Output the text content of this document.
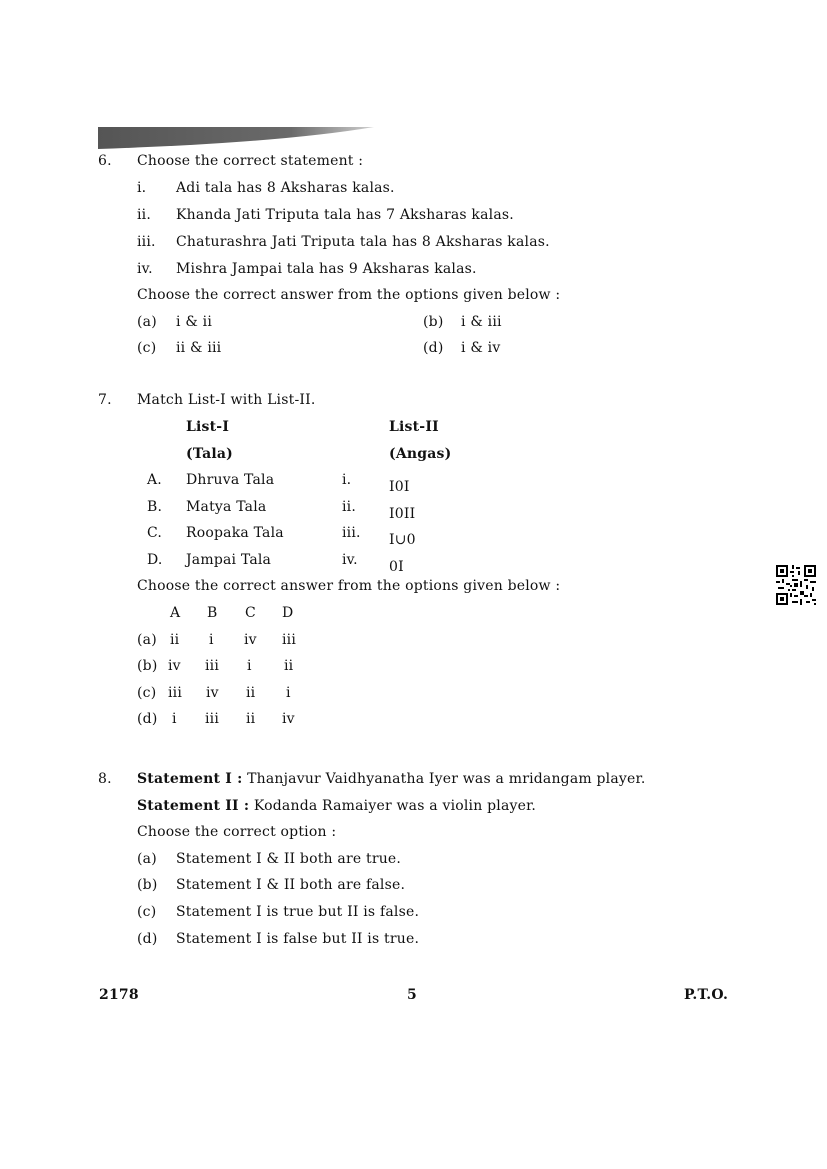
6. Choose the correct statement :
i. Adi tala has 8 Aksharas kalas.
ii. Khanda Jati Triputa tala has 7 Aksharas kalas.
iii. Chaturashra Jati Triputa tala has 8 Aksharas kalas.
iv. Mishra Jampai tala has 9 Aksharas kalas.
Choose the correct answer from the options given below :
(a) i & ii	(b) i & iii
(c) ii & iii	(d) i & iv
7. Match List-I with List-II.
List-I
(Tala)
List-II
(Angas)
A. Dhruva Tala	i.	I0I
B. Matya Tala	ii. I0II
C. Roopaka Tala	iii. I∪0
D. Jampai Tala	iv. 0I
Choose the correct answer from the options given below :
A B C D
(a) ii i iv iii
(b) iv iii i ii
(c) iii iv ii i
(d) i iii ii iv
8. Statement I : Thanjavur Vaidhyanatha Iyer was a mridangam player.
Statement II : Kodanda Ramaiyer was a violin player.
Choose the correct option :
(a) Statement I & II both are true.
(b) Statement I & II both are false.
(c) Statement I is true but II is false.
(d) Statement I is false but II is true.
2178	5	P.T.O.
